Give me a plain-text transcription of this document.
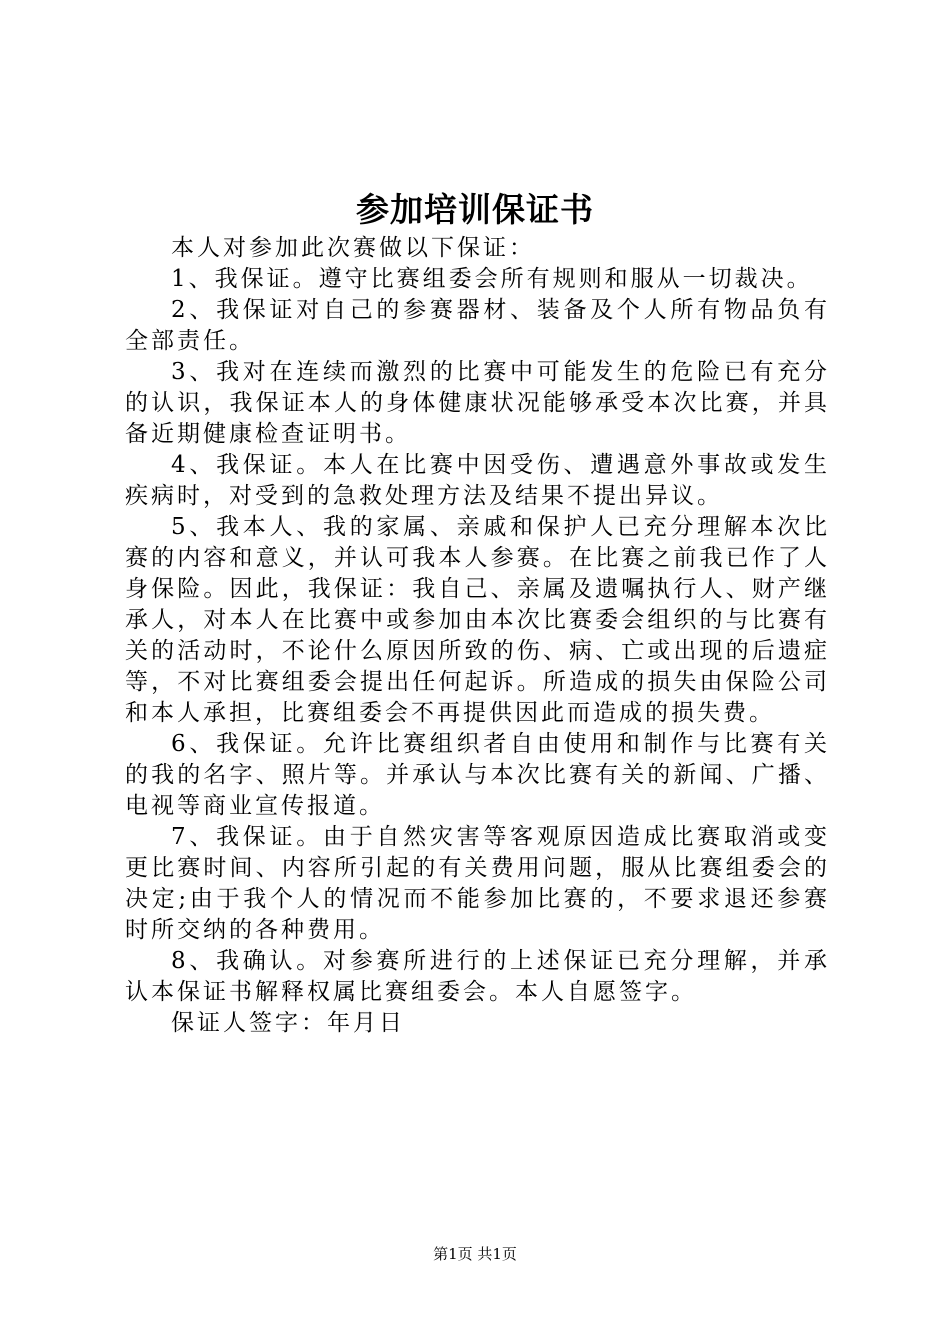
参加培训保证书

本人对参加此次赛做以下保证：

1、我保证。遵守比赛组委会所有规则和服从一切裁决。

2、我保证对自己的参赛器材、装备及个人所有物品负有全部责任。

3、我对在连续而激烈的比赛中可能发生的危险已有充分的认识，我保证本人的身体健康状况能够承受本次比赛，并具备近期健康检查证明书。

4、我保证。本人在比赛中因受伤、遭遇意外事故或发生疾病时，对受到的急救处理方法及结果不提出异议。

5、我本人、我的家属、亲戚和保护人已充分理解本次比赛的内容和意义，并认可我本人参赛。在比赛之前我已作了人身保险。因此，我保证：我自己、亲属及遗嘱执行人、财产继承人，对本人在比赛中或参加由本次比赛委会组织的与比赛有关的活动时，不论什么原因所致的伤、病、亡或出现的后遗症等，不对比赛组委会提出任何起诉。所造成的损失由保险公司和本人承担，比赛组委会不再提供因此而造成的损失费。

6、我保证。允许比赛组织者自由使用和制作与比赛有关的我的名字、照片等。并承认与本次比赛有关的新闻、广播、电视等商业宣传报道。

7、我保证。由于自然灾害等客观原因造成比赛取消或变更比赛时间、内容所引起的有关费用问题，服从比赛组委会的决定;由于我个人的情况而不能参加比赛的，不要求退还参赛时所交纳的各种费用。

8、我确认。对参赛所进行的上述保证已充分理解，并承认本保证书解释权属比赛组委会。本人自愿签字。

保证人签字：年月日

第1页 共1页
